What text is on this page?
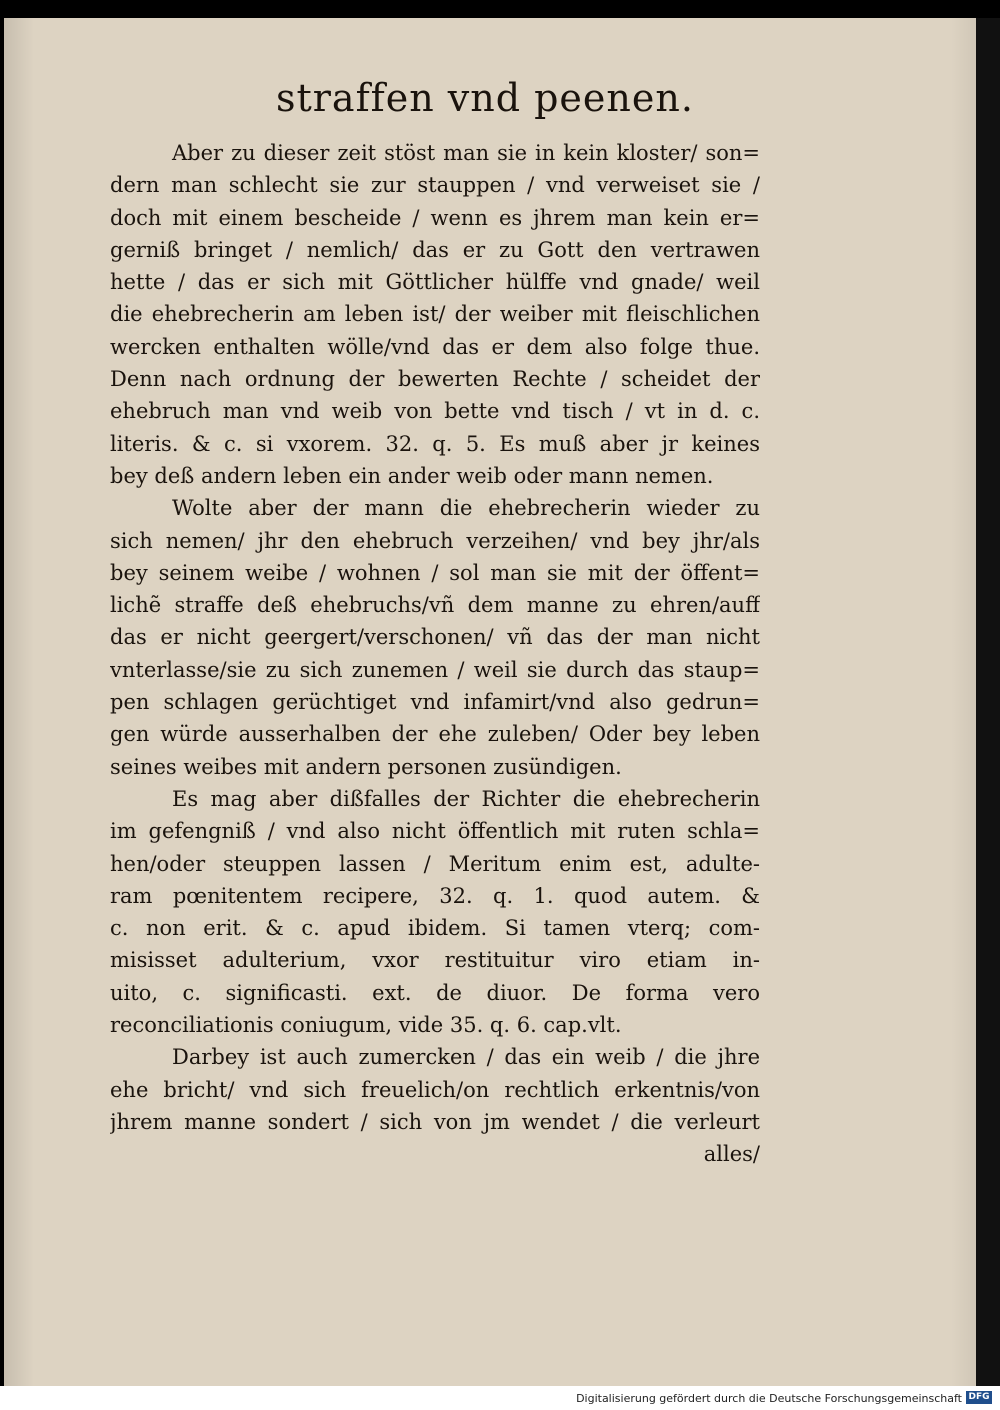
straffen vnd peenen.
Aber zu dieser zeit stöst man sie in kein kloster/ son=
dern man schlecht sie zur stauppen / vnd verweiset sie /
doch mit einem bescheide / wenn es jhrem man kein er=
gerniß bringet / nemlich/ das er zu Gott den vertrawen
hette / das er sich mit Göttlicher hülffe vnd gnade/ weil
die ehebrecherin am leben ist/ der weiber mit fleischlichen
wercken enthalten wölle/vnd das er dem also folge thue.
Denn nach ordnung der bewerten Rechte / scheidet der
ehebruch man vnd weib von bette vnd tisch / vt in d. c.
literis. & c. si vxorem. 32. q. 5. Es muß aber jr keines
bey deß andern leben ein ander weib oder mann nemen.
Wolte aber der mann die ehebrecherin wieder zu
sich nemen/ jhr den ehebruch verzeihen/ vnd bey jhr/als
bey seinem weibe / wohnen / sol man sie mit der öffent=
lichẽ straffe deß ehebruchs/vñ dem manne zu ehren/auff
das er nicht geergert/verschonen/ vñ das der man nicht
vnterlasse/sie zu sich zunemen / weil sie durch das staup=
pen schlagen gerüchtiget vnd infamirt/vnd also gedrun=
gen würde ausserhalben der ehe zuleben/ Oder bey leben
seines weibes mit andern personen zusündigen.
Es mag aber dißfalles der Richter die ehebrecherin
im gefengniß / vnd also nicht öffentlich mit ruten schla=
hen/oder steuppen lassen / Meritum enim est, adulte-
ram pœnitentem recipere, 32. q. 1. quod autem. &
c. non erit. & c. apud ibidem. Si tamen vterq; com-
misisset adulterium, vxor restituitur viro etiam in-
uito, c. significasti. ext. de diuor. De forma vero
reconciliationis coniugum, vide 35. q. 6. cap.vlt.
Darbey ist auch zumercken / das ein weib / die jhre
ehe bricht/ vnd sich freuelich/on rechtlich erkentnis/von
jhrem manne sondert / sich von jm wendet / die verleurt
alles/
Digitalisierung gefördert durch die Deutsche Forschungsgemeinschaft DFG
